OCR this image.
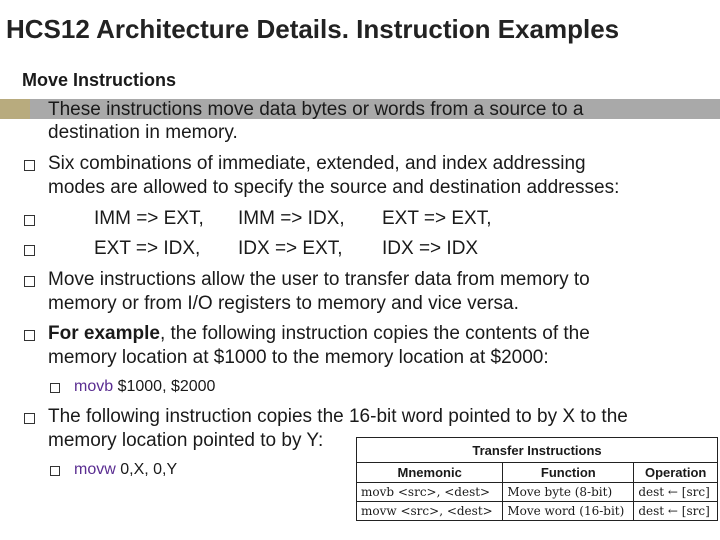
HCS12 Architecture Details. Instruction Examples
Move Instructions
These instructions move data bytes or words from a source to a
destination in memory.
Six combinations of immediate, extended, and index addressing
modes are allowed to specify the source and destination addresses:
IMM => EXT, IMM => IDX, EXT => EXT,
EXT => IDX, IDX => EXT, IDX => IDX
Move instructions allow the user to transfer data from memory to
memory or from I/O registers to memory and vice versa.
For example, the following instruction copies the contents of the
memory location at $1000 to the memory location at $2000:
movb $1000, $2000
The following instruction copies the 16-bit word pointed to by X to the
memory location pointed to by Y:
movw 0,X, 0,Y
Transfer Instructions		
Mnemonic	Function	Operation
movb <src>, <dest>	Move byte (8-bit)	dest ← [src]
movw <src>, <dest>	Move word (16-bit)	dest ← [src]
